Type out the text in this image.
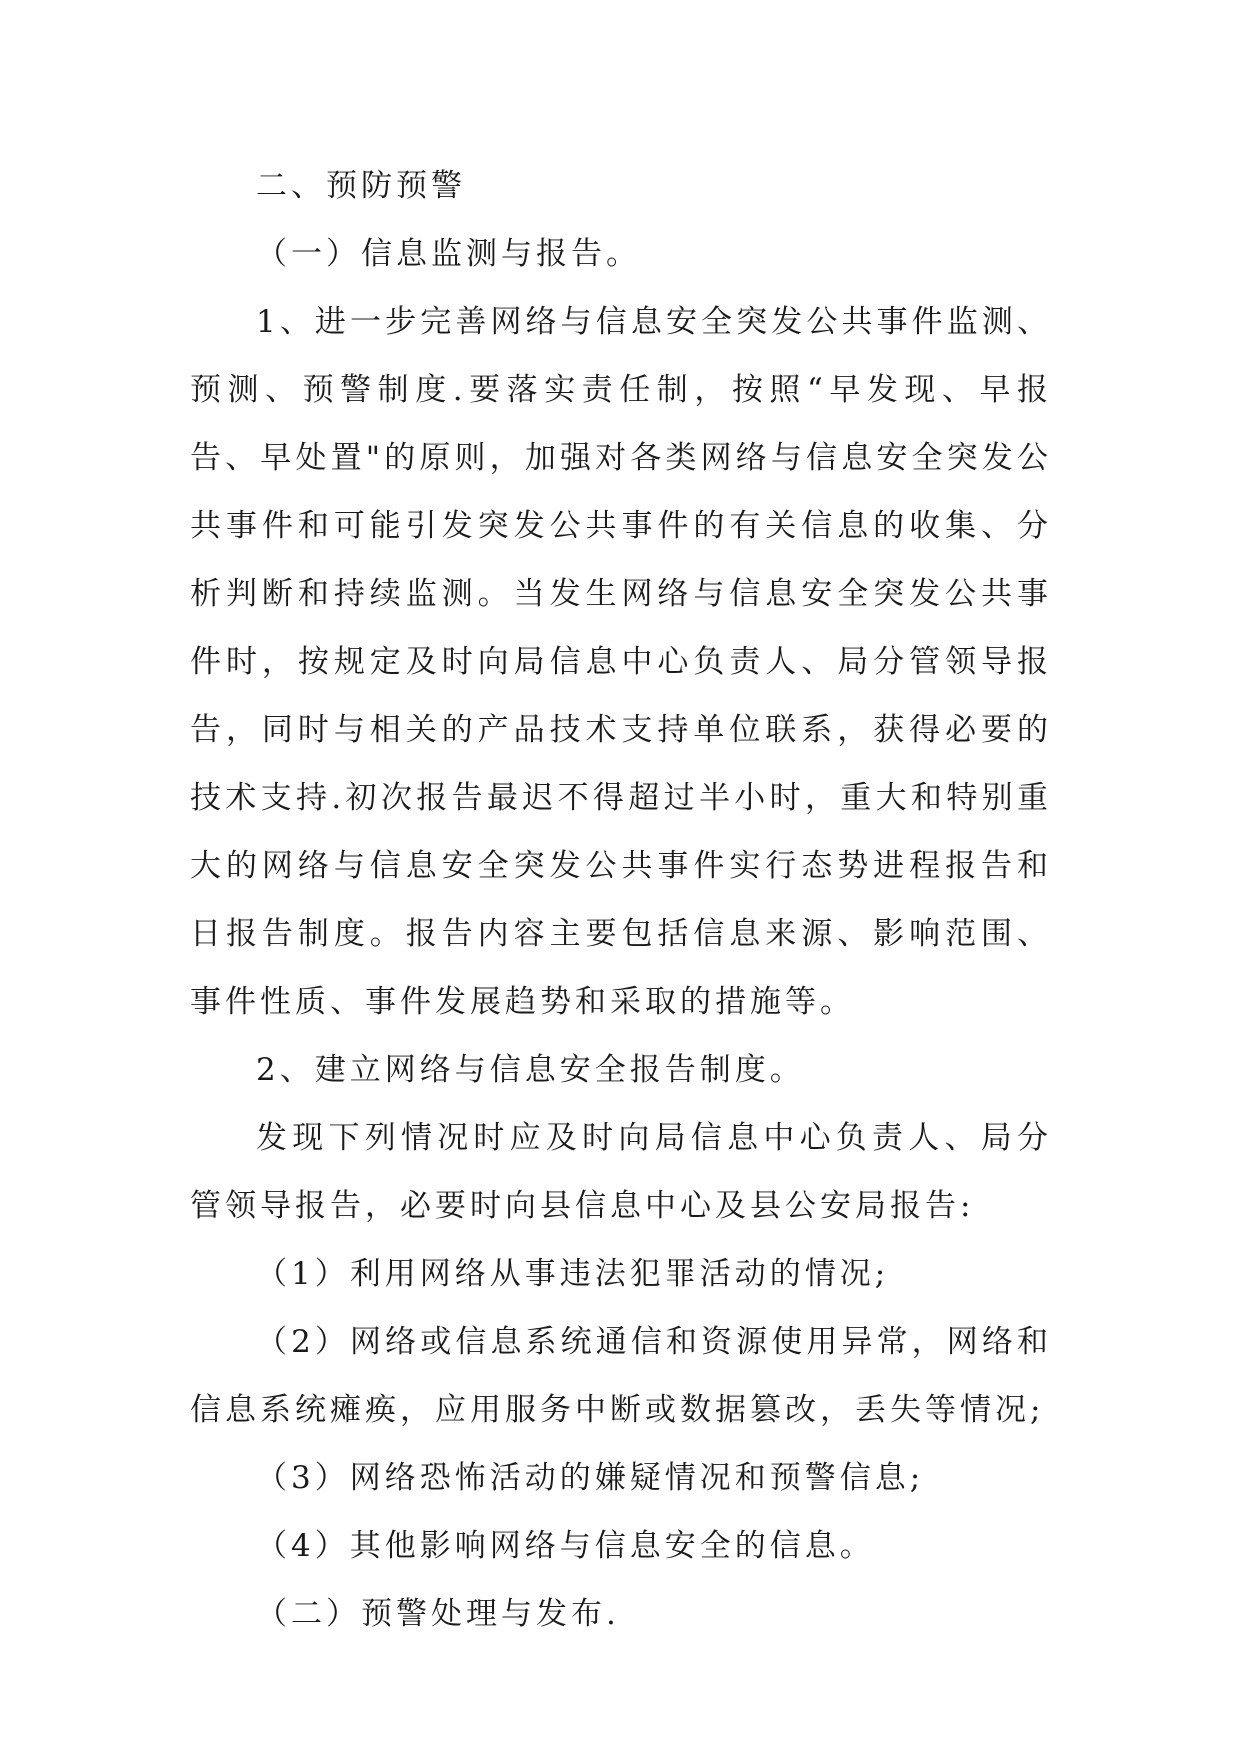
二、预防预警

（一）信息监测与报告。

1、进一步完善网络与信息安全突发公共事件监测、预测、预警制度.要落实责任制，按照“早发现、早报告、早处置"的原则，加强对各类网络与信息安全突发公共事件和可能引发突发公共事件的有关信息的收集、分析判断和持续监测。当发生网络与信息安全突发公共事件时，按规定及时向局信息中心负责人、局分管领导报告，同时与相关的产品技术支持单位联系，获得必要的技术支持.初次报告最迟不得超过半小时，重大和特别重大的网络与信息安全突发公共事件实行态势进程报告和日报告制度。报告内容主要包括信息来源、影响范围、事件性质、事件发展趋势和采取的措施等。

2、建立网络与信息安全报告制度。

发现下列情况时应及时向局信息中心负责人、局分管领导报告，必要时向县信息中心及县公安局报告:

（1）利用网络从事违法犯罪活动的情况;

（2）网络或信息系统通信和资源使用异常，网络和信息系统瘫痪，应用服务中断或数据篡改，丢失等情况;

（3）网络恐怖活动的嫌疑情况和预警信息;

（4）其他影响网络与信息安全的信息。

（二）预警处理与发布.
